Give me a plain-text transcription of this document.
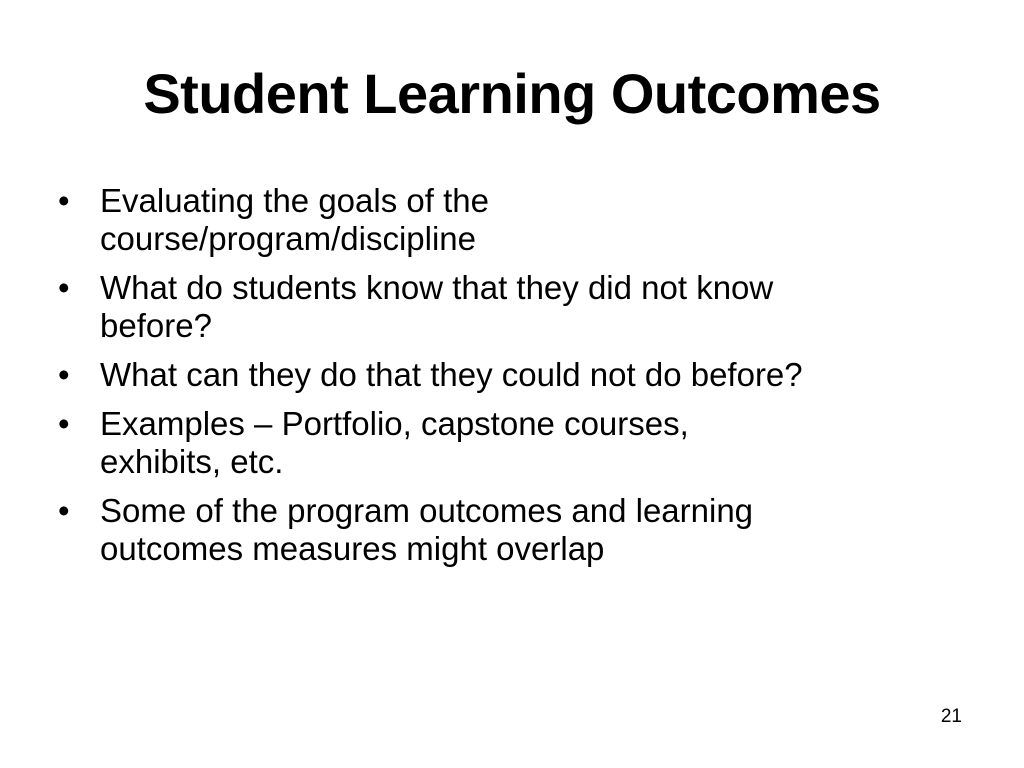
Student Learning Outcomes
• Evaluating the goals of the
course/program/discipline
• What do students know that they did not know
before?
• What can they do that they could not do before?
• Examples – Portfolio, capstone courses,
exhibits, etc.
• Some of the program outcomes and learning
outcomes measures might overlap
21
